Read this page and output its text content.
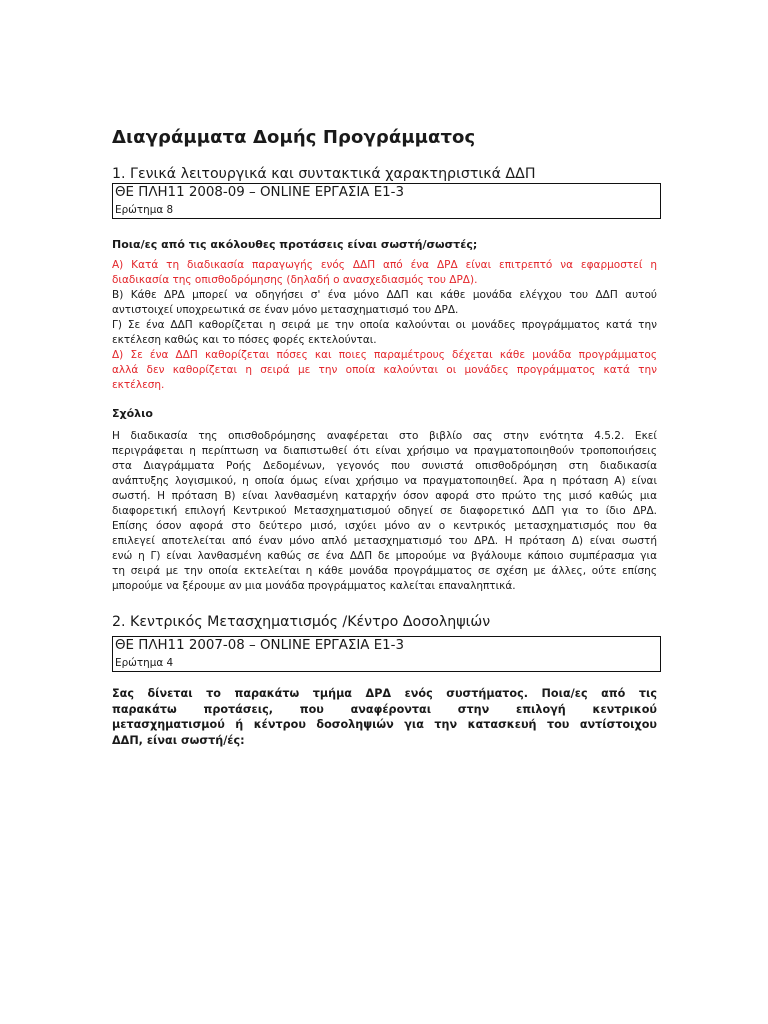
Διαγράμματα Δομής Προγράμματος
1. Γενικά λειτουργικά και συντακτικά χαρακτηριστικά ΔΔΠ
ΘΕ ΠΛΗ11 2008-09 – ONLINE ΕΡΓΑΣΙΑ Ε1-3
Ερώτημα 8
Ποια/ες από τις ακόλουθες προτάσεις είναι σωστή/σωστές;
Α) Κατά τη διαδικασία παραγωγής ενός ΔΔΠ από ένα ΔΡΔ είναι επιτρεπτό να εφαρμοστεί η
διαδικασία της οπισθοδρόμησης (δηλαδή ο ανασχεδιασμός του ΔΡΔ).
Β) Κάθε ΔΡΔ μπορεί να οδηγήσει σ' ένα μόνο ΔΔΠ και κάθε μονάδα ελέγχου του ΔΔΠ αυτού
αντιστοιχεί υποχρεωτικά σε έναν μόνο μετασχηματισμό του ΔΡΔ.
Γ) Σε ένα ΔΔΠ καθορίζεται η σειρά με την οποία καλούνται οι μονάδες προγράμματος κατά την
εκτέλεση καθώς και το πόσες φορές εκτελούνται.
Δ) Σε ένα ΔΔΠ καθορίζεται πόσες και ποιες παραμέτρους δέχεται κάθε μονάδα προγράμματος
αλλά δεν καθορίζεται η σειρά με την οποία καλούνται οι μονάδες προγράμματος κατά την
εκτέλεση.
Σχόλιο
Η διαδικασία της οπισθοδρόμησης αναφέρεται στο βιβλίο σας στην ενότητα 4.5.2. Εκεί
περιγράφεται η περίπτωση να διαπιστωθεί ότι είναι χρήσιμο να πραγματοποιηθούν τροποποιήσεις
στα Διαγράμματα Ροής Δεδομένων, γεγονός που συνιστά οπισθοδρόμηση στη διαδικασία
ανάπτυξης λογισμικού, η οποία όμως είναι χρήσιμο να πραγματοποιηθεί. Άρα η πρόταση Α) είναι
σωστή. Η πρόταση Β) είναι λανθασμένη καταρχήν όσον αφορά στο πρώτο της μισό καθώς μια
διαφορετική επιλογή Κεντρικού Μετασχηματισμού οδηγεί σε διαφορετικό ΔΔΠ για το ίδιο ΔΡΔ.
Επίσης όσον αφορά στο δεύτερο μισό, ισχύει μόνο αν ο κεντρικός μετασχηματισμός που θα
επιλεγεί αποτελείται από έναν μόνο απλό μετασχηματισμό του ΔΡΔ. Η πρόταση Δ) είναι σωστή
ενώ η Γ) είναι λανθασμένη καθώς σε ένα ΔΔΠ δε μπορούμε να βγάλουμε κάποιο συμπέρασμα για
τη σειρά με την οποία εκτελείται η κάθε μονάδα προγράμματος σε σχέση με άλλες, ούτε επίσης
μπορούμε να ξέρουμε αν μια μονάδα προγράμματος καλείται επαναληπτικά.
2. Κεντρικός Μετασχηματισμός /Κέντρο Δοσοληψιών
ΘΕ ΠΛΗ11 2007-08 – ONLINE ΕΡΓΑΣΙΑ Ε1-3
Ερώτημα 4
Σας δίνεται το παρακάτω τμήμα ΔΡΔ ενός συστήματος. Ποια/ες από τις
παρακάτω προτάσεις, που αναφέρονται στην επιλογή κεντρικού
μετασχηματισμού ή κέντρου δοσοληψιών για την κατασκευή του αντίστοιχου
ΔΔΠ, είναι σωστή/ές:
